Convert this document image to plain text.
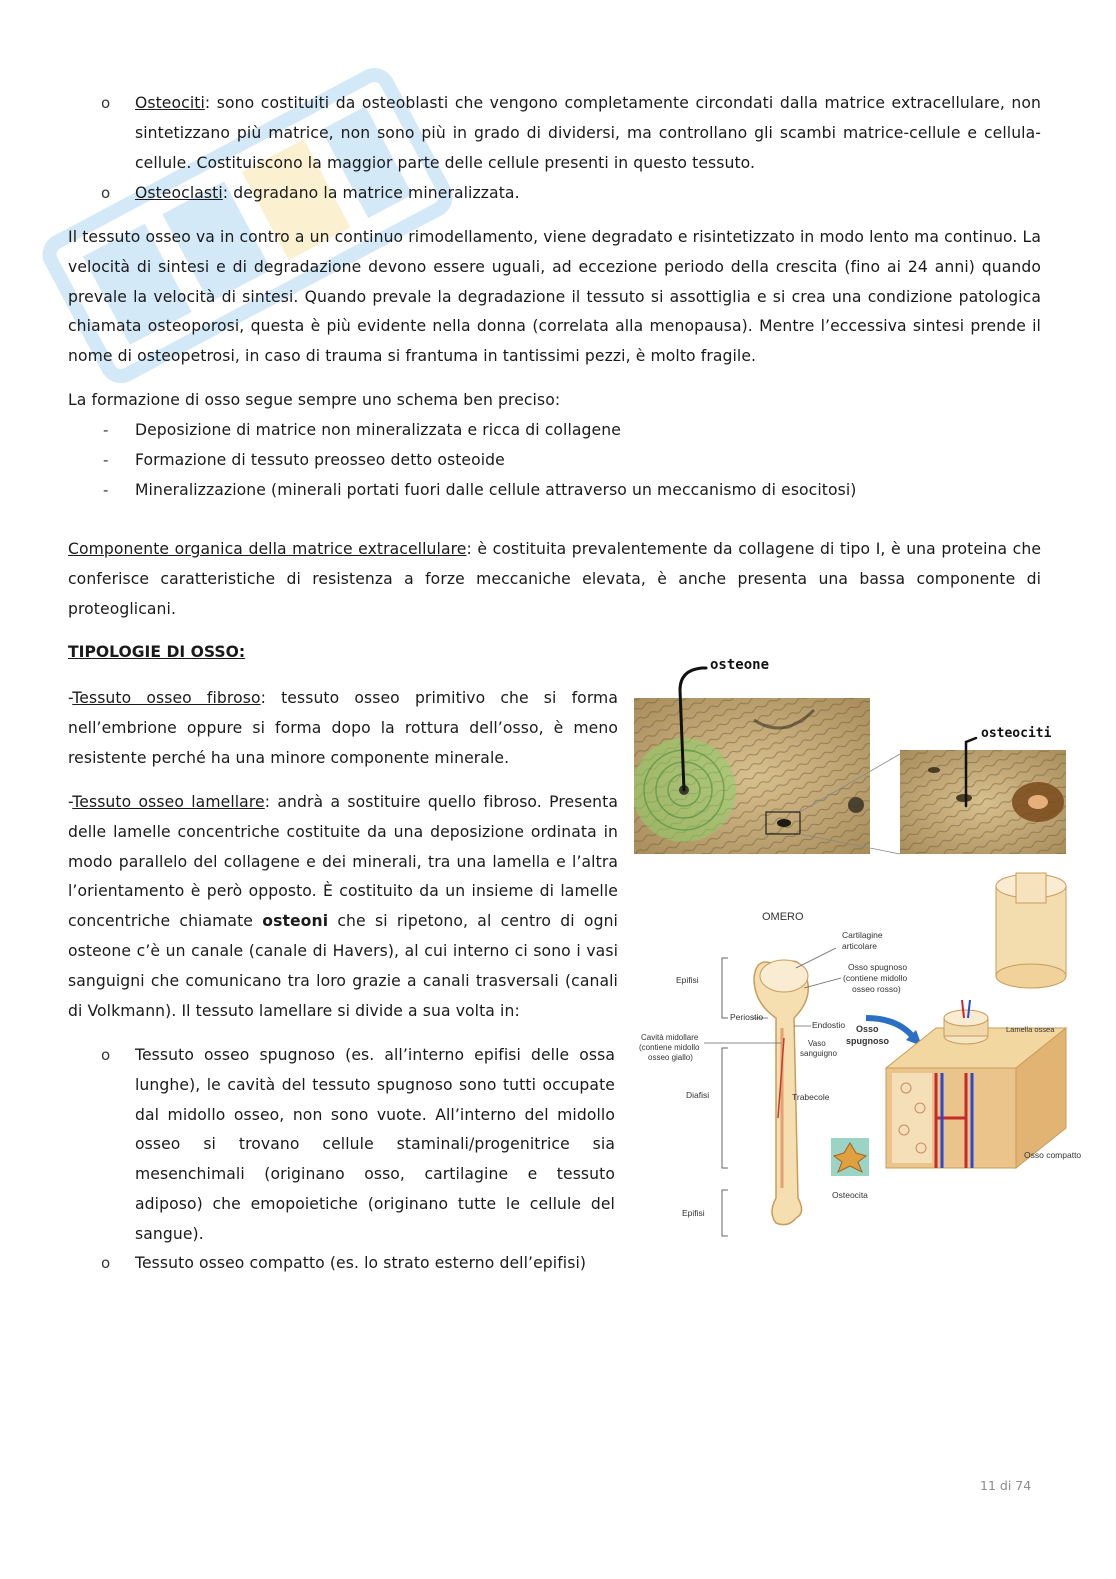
o Osteociti: sono costituiti da osteoblasti che vengono completamente circondati dalla matrice extracellulare, non sintetizzano più matrice, non sono più in grado di dividersi, ma controllano gli scambi matrice-cellule e cellula-cellule. Costituiscono la maggior parte delle cellule presenti in questo tessuto.
o Osteoclasti: degradano la matrice mineralizzata.
Il tessuto osseo va in contro a un continuo rimodellamento, viene degradato e risintetizzato in modo lento ma continuo. La velocità di sintesi e di degradazione devono essere uguali, ad eccezione periodo della crescita (fino ai 24 anni) quando prevale la velocità di sintesi. Quando prevale la degradazione il tessuto si assottiglia e si crea una condizione patologica chiamata osteoporosi, questa è più evidente nella donna (correlata alla menopausa). Mentre l’eccessiva sintesi prende il nome di osteopetrosi, in caso di trauma si frantuma in tantissimi pezzi, è molto fragile.
La formazione di osso segue sempre uno schema ben preciso:
- Deposizione di matrice non mineralizzata e ricca di collagene
- Formazione di tessuto preosseo detto osteoide
- Mineralizzazione (minerali portati fuori dalle cellule attraverso un meccanismo di esocitosi)
Componente organica della matrice extracellulare: è costituita prevalentemente da collagene di tipo I, è una proteina che conferisce caratteristiche di resistenza a forze meccaniche elevata, è anche presenta una bassa componente di proteoglicani.
TIPOLOGIE DI OSSO:
-Tessuto osseo fibroso: tessuto osseo primitivo che si forma nell’embrione oppure si forma dopo la rottura dell’osso, è meno resistente perché ha una minore componente minerale.
-Tessuto osseo lamellare: andrà a sostituire quello fibroso. Presenta delle lamelle concentriche costituite da una deposizione ordinata in modo parallelo del collagene e dei minerali, tra una lamella e l’altra l’orientamento è però opposto. È costituito da un insieme di lamelle concentriche chiamate osteoni che si ripetono, al centro di ogni osteone c’è un canale (canale di Havers), al cui interno ci sono i vasi sanguigni che comunicano tra loro grazie a canali trasversali (canali di Volkmann). Il tessuto lamellare si divide a sua volta in:
o Tessuto osseo spugnoso (es. all’interno epifisi delle ossa lunghe), le cavità del tessuto spugnoso sono tutti occupate dal midollo osseo, non sono vuote. All’interno del midollo osseo si trovano cellule staminali/progenitrice sia mesenchimali (originano osso, cartilagine e tessuto adiposo) che emopoietiche (originano tutte le cellule del sangue).
o Tessuto osseo compatto (es. lo strato esterno dell’epifisi)
osteone
osteociti
OMERO
Cartilagine
articolare
Osso spugnoso
(contiene midollo
osseo rosso)
Epifisi
Periostio
Endostio Osso
spugnoso
Vaso
sanguigno
Cavità midollare
(contiene midollo
osseo giallo)
Diafisi	Trabecole
Lamella ossea
Osso compatto
Osteocita
Epifisi
11 di 74
